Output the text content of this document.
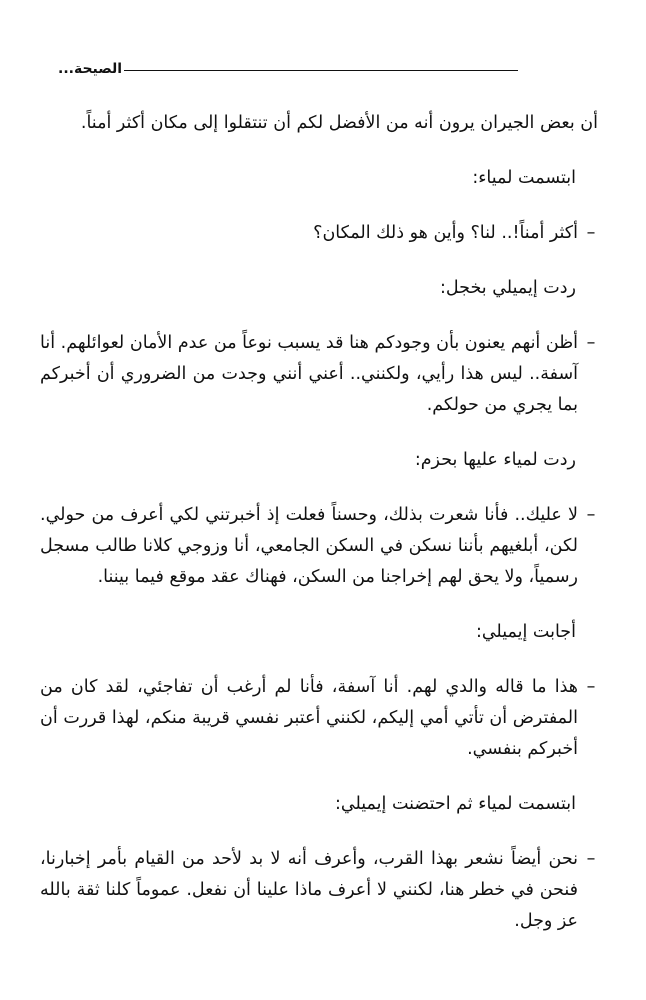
الصيحة...

أن بعض الجيران يرون أنه من الأفضل لكم أن تنتقلوا إلى مكان أكثر أمناً.

ابتسمت لمياء:

–
أكثر أمناً!.. لنا؟ وأين هو ذلك المكان؟

ردت إيميلي بخجل:

–
أظن أنهم يعنون بأن وجودكم هنا قد يسبب نوعاً من عدم الأمان لعوائلهم. أنا آسفة.. ليس هذا رأيي، ولكنني.. أعني أنني وجدت من الضروري أن أخبركم بما يجري من حولكم.

ردت لمياء عليها بحزم:

–
لا عليك.. فأنا شعرت بذلك، وحسناً فعلت إذ أخبرتني لكي أعرف من حولي. لكن، أبلغيهم بأننا نسكن في السكن الجامعي، أنا وزوجي كلانا طالب مسجل رسمياً، ولا يحق لهم إخراجنا من السكن، فهناك عقد موقع فيما بيننا.

أجابت إيميلي:

–
هذا ما قاله والدي لهم. أنا آسفة، فأنا لم أرغب أن تفاجئي، لقد كان من المفترض أن تأتي أمي إليكم، لكنني أعتبر نفسي قريبة منكم، لهذا قررت أن أخبركم بنفسي.

ابتسمت لمياء ثم احتضنت إيميلي:

–
نحن أيضاً نشعر بهذا القرب، وأعرف أنه لا بد لأحد من القيام بأمر إخبارنا، فنحن في خطر هنا، لكنني لا أعرف ماذا علينا أن نفعل. عموماً كلنا ثقة بالله عز وجل.
